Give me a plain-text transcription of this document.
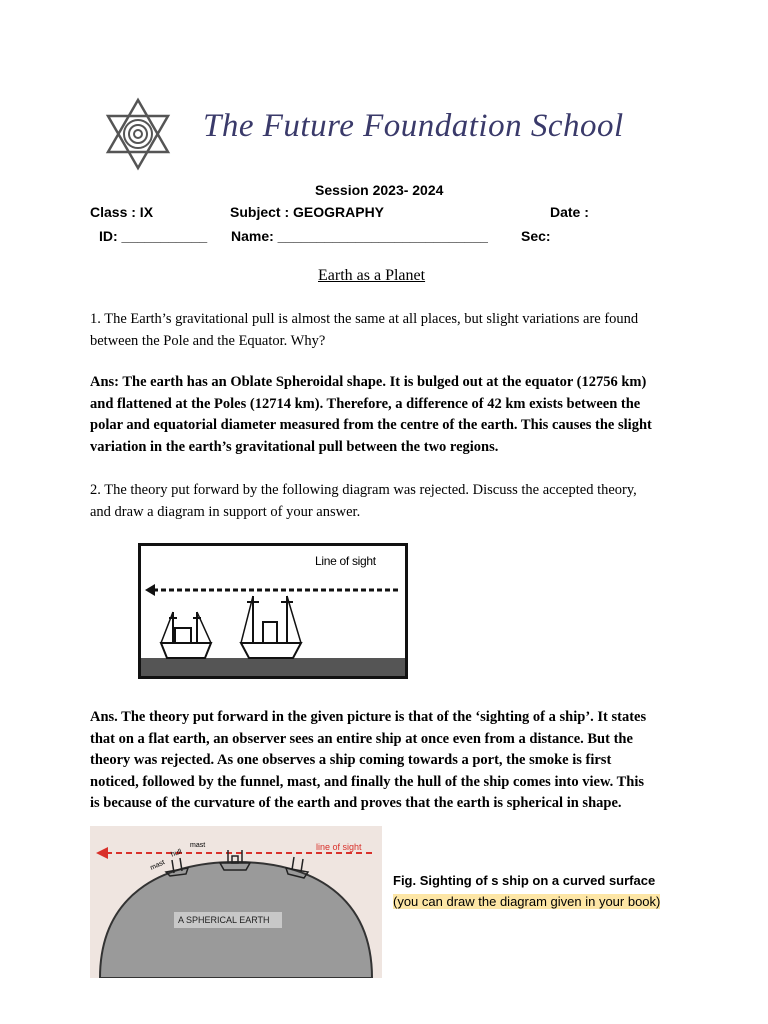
The Future Foundation School
Session 2023- 2024
Class : IX	Subject : GEOGRAPHY	Date :
ID: ___________ Name: ___________________________ Sec:
Earth as a Planet
1. The Earth’s gravitational pull is almost the same at all places, but slight variations are found
between the Pole and the Equator. Why?
Ans: The earth has an Oblate Spheroidal shape. It is bulged out at the equator (12756 km)
and flattened at the Poles (12714 km). Therefore, a difference of 42 km exists between the
polar and equatorial diameter measured from the centre of the earth. This causes the slight
variation in the earth’s gravitational pull between the two regions.
2. The theory put forward by the following diagram was rejected. Discuss the accepted theory,
and draw a diagram in support of your answer.
Line of sight
Ans. The theory put forward in the given picture is that of the ‘sighting of a ship’. It states
that on a flat earth, an observer sees an entire ship at once even from a distance. But the
theory was rejected. As one observes a ship coming towards a port, the smoke is first
noticed, followed by the funnel, mast, and finally the hull of the ship comes into view. This
is because of the curvature of the earth and proves that the earth is spherical in shape.
line of sight
mast
hull
mast
A SPHERICAL EARTH
Fig. Sighting of s ship on a curved surface
(you can draw the diagram given in your book)
